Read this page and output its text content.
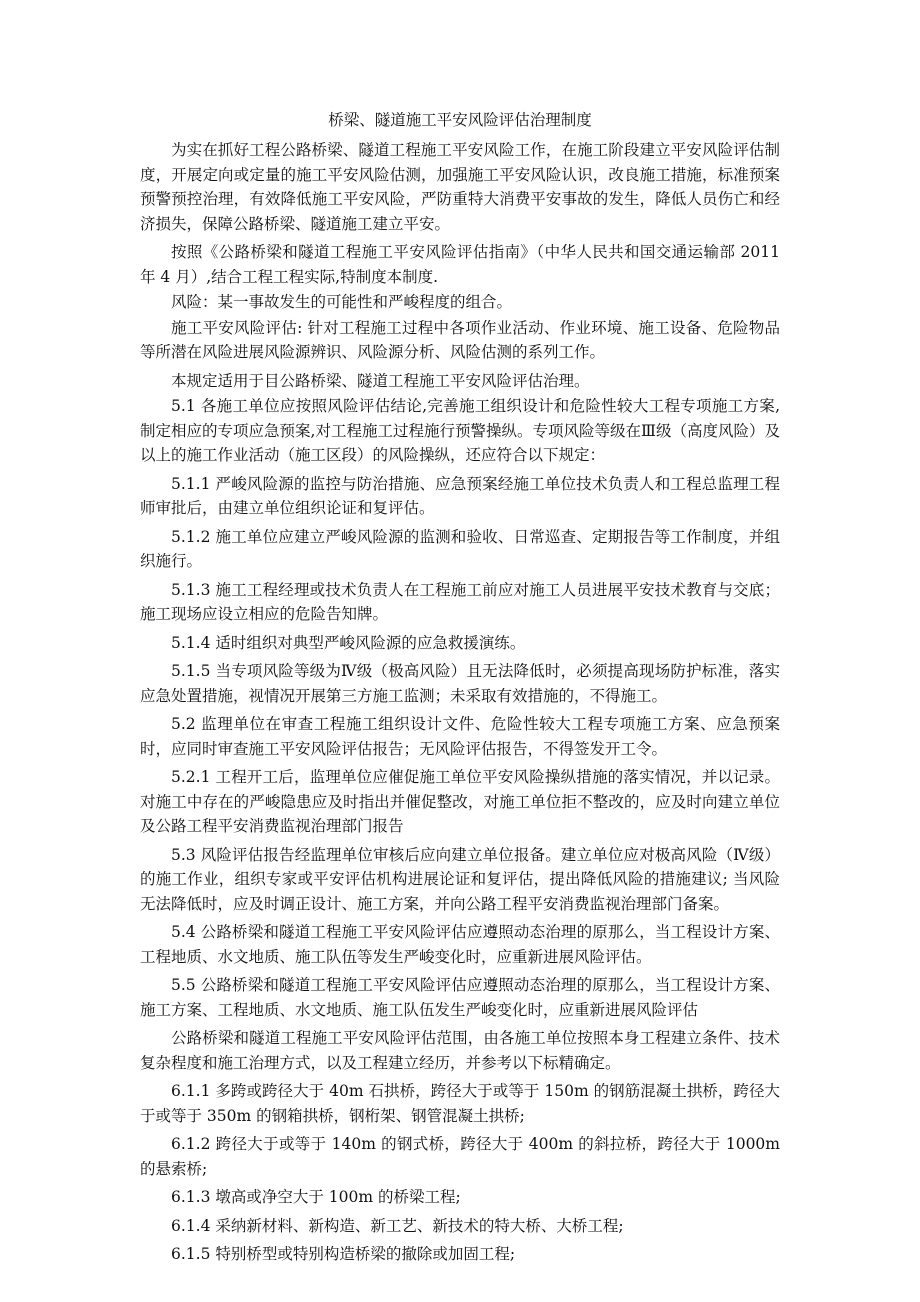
桥梁、隧道施工平安风险评估治理制度

为实在抓好工程公路桥梁、隧道工程施工平安风险工作，在施工阶段建立平安风险评估制度，开展定向或定量的施工平安风险估测，加强施工平安风险认识，改良施工措施，标准预案预警预控治理，有效降低施工平安风险，严防重特大消费平安事故的发生，降低人员伤亡和经济损失，保障公路桥梁、隧道施工建立平安。

按照《公路桥梁和隧道工程施工平安风险评估指南》（中华人民共和国交通运输部 2011年 4 月）,结合工程工程实际,特制度本制度.

风险：某一事故发生的可能性和严峻程度的组合。

施工平安风险评估: 针对工程施工过程中各项作业活动、作业环境、施工设备、危险物品等所潜在风险进展风险源辨识、风险源分析、风险估测的系列工作。

本规定适用于目公路桥梁、隧道工程施工平安风险评估治理。

5.1 各施工单位应按照风险评估结论,完善施工组织设计和危险性较大工程专项施工方案,制定相应的专项应急预案,对工程施工过程施行预警操纵。专项风险等级在Ⅲ级（高度风险）及以上的施工作业活动（施工区段）的风险操纵，还应符合以下规定：

5.1.1 严峻风险源的监控与防治措施、应急预案经施工单位技术负责人和工程总监理工程师审批后，由建立单位组织论证和复评估。

5.1.2 施工单位应建立严峻风险源的监测和验收、日常巡查、定期报告等工作制度，并组织施行。

5.1.3 施工工程经理或技术负责人在工程施工前应对施工人员进展平安技术教育与交底；施工现场应设立相应的危险告知牌。

5.1.4 适时组织对典型严峻风险源的应急救援演练。

5.1.5 当专项风险等级为Ⅳ级（极高风险）且无法降低时，必须提高现场防护标准，落实应急处置措施，视情况开展第三方施工监测；未采取有效措施的，不得施工。

5.2 监理单位在审查工程施工组织设计文件、危险性较大工程专项施工方案、应急预案时，应同时审查施工平安风险评估报告；无风险评估报告，不得签发开工令。

5.2.1 工程开工后，监理单位应催促施工单位平安风险操纵措施的落实情况，并以记录。对施工中存在的严峻隐患应及时指出并催促整改，对施工单位拒不整改的，应及时向建立单位及公路工程平安消费监视治理部门报告

5.3 风险评估报告经监理单位审核后应向建立单位报备。建立单位应对极高风险（Ⅳ级）的施工作业，组织专家或平安评估机构进展论证和复评估，提出降低风险的措施建议; 当风险无法降低时，应及时调正设计、施工方案，并向公路工程平安消费监视治理部门备案。

5.4 公路桥梁和隧道工程施工平安风险评估应遵照动态治理的原那么，当工程设计方案、工程地质、水文地质、施工队伍等发生严峻变化时，应重新进展风险评估。

5.5 公路桥梁和隧道工程施工平安风险评估应遵照动态治理的原那么，当工程设计方案、施工方案、工程地质、水文地质、施工队伍发生严峻变化时，应重新进展风险评估

公路桥梁和隧道工程施工平安风险评估范围，由各施工单位按照本身工程建立条件、技术复杂程度和施工治理方式，以及工程建立经历，并参考以下标精确定。

6.1.1 多跨或跨径大于 40m 石拱桥，跨径大于或等于 150m 的钢筋混凝土拱桥，跨径大于或等于 350m 的钢箱拱桥，钢桁架、钢管混凝土拱桥;

6.1.2 跨径大于或等于 140m 的钢式桥，跨径大于 400m 的斜拉桥，跨径大于 1000m 的悬索桥;

6.1.3 墩高或净空大于 100m 的桥梁工程;

6.1.4 采纳新材料、新构造、新工艺、新技术的特大桥、大桥工程;

6.1.5 特别桥型或特别构造桥梁的撤除或加固工程;
